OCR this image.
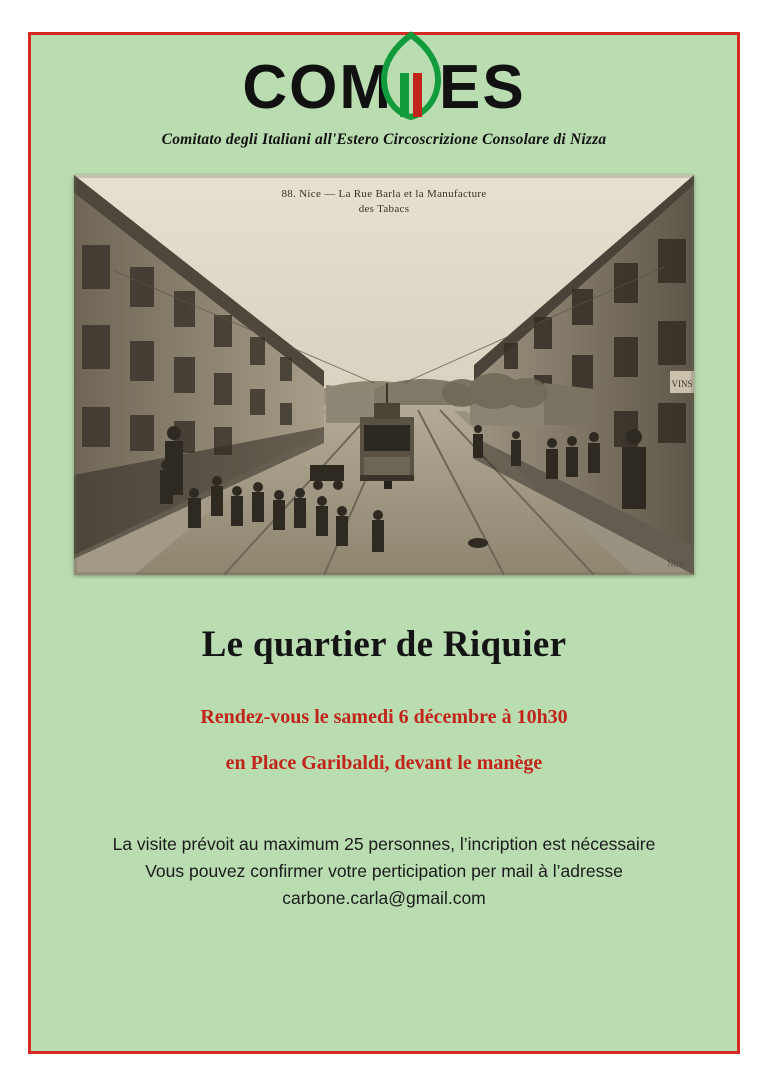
COM ES
Comitato degli Italiani all'Estero Circoscrizione Consolare di Nizza
VINS
88. Nice — La Rue Barla et la Manufacture
des Tabacs
Nice
Le quartier de Riquier
Rendez-vous le samedi 6 décembre à 10h30
en Place Garibaldi, devant le manège
La visite prévoit au maximum 25 personnes, l’incription est nécessaire
Vous pouvez confirmer votre perticipation per mail à l’adresse
carbone.carla@gmail.com
